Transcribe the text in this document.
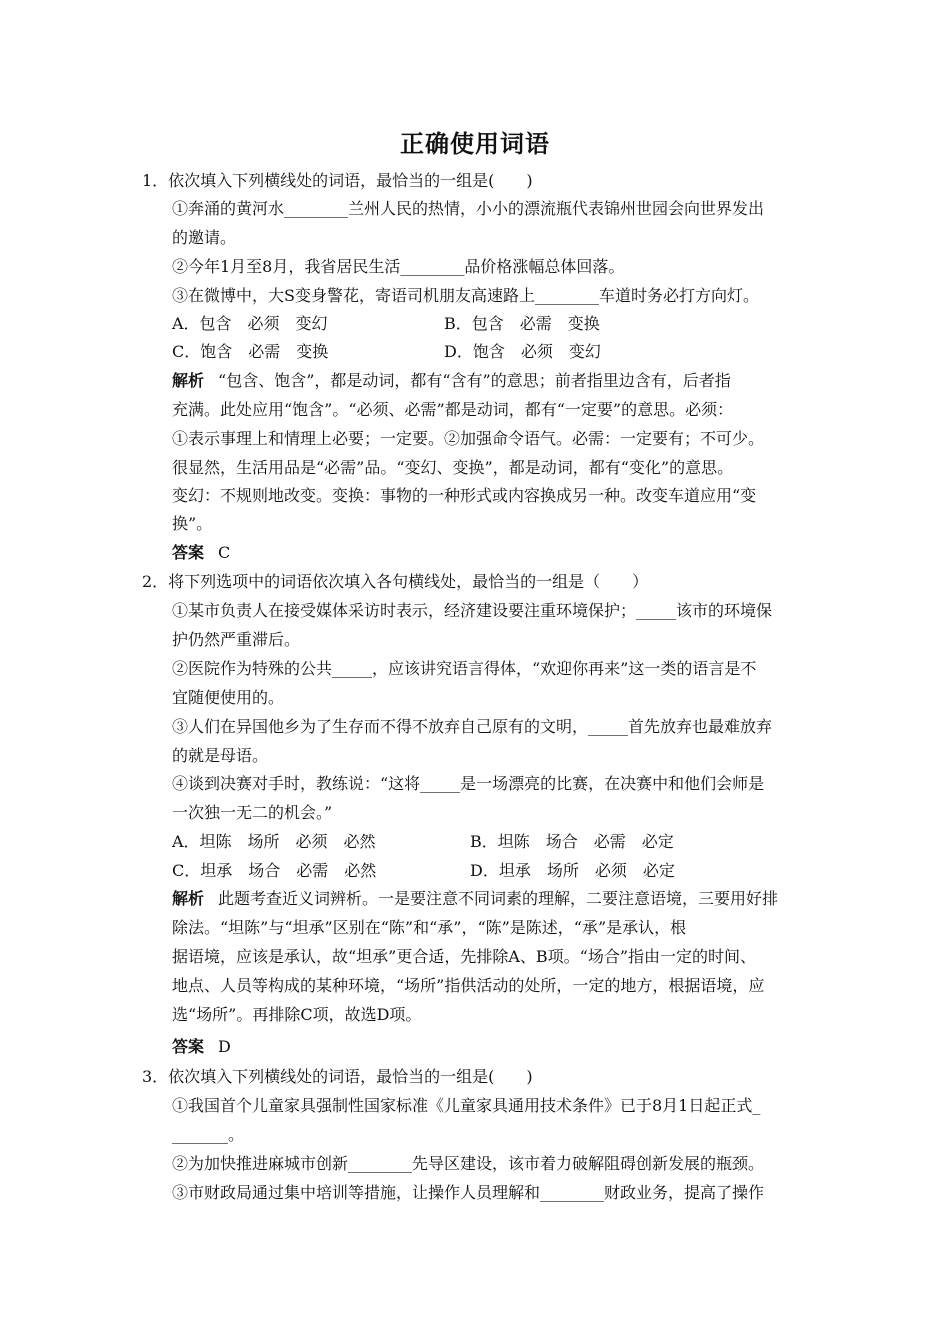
正确使用词语
1．依次填入下列横线处的词语，最恰当的一组是(　　)
①奔涌的黄河水________兰州人民的热情，小小的漂流瓶代表锦州世园会向世界发出
的邀请。
②今年1月至8月，我省居民生活________品价格涨幅总体回落。
③在微博中，大S变身警花，寄语司机朋友高速路上________车道时务必打方向灯。
A．包含　必须　变幻	B．包含　必需　变换
C．饱含　必需　变换	D．饱含　必须　变幻
解析 “包含、饱含”，都是动词，都有“含有”的意思；前者指里边含有，后者指
充满。此处应用“饱含”。“必须、必需”都是动词，都有“一定要”的意思。必须：
①表示事理上和情理上必要；一定要。②加强命令语气。必需：一定要有；不可少。
很显然，生活用品是“必需”品。“变幻、变换”，都是动词，都有“变化”的意思。
变幻：不规则地改变。变换：事物的一种形式或内容换成另一种。改变车道应用“变
换”。
答案 C
2．将下列选项中的词语依次填入各句横线处，最恰当的一组是（　　）
①某市负责人在接受媒体采访时表示，经济建设要注重环境保护；_____该市的环境保
护仍然严重滞后。
②医院作为特殊的公共_____，应该讲究语言得体，“欢迎你再来”这一类的语言是不
宜随便使用的。
③人们在异国他乡为了生存而不得不放弃自己原有的文明，_____首先放弃也最难放弃
的就是母语。
④谈到决赛对手时，教练说：“这将_____是一场漂亮的比赛，在决赛中和他们会师是
一次独一无二的机会。”
A．坦陈　场所　必须　必然	B．坦陈　场合　必需　必定
C．坦承　场合　必需　必然	D．坦承　场所　必须　必定
解析 此题考查近义词辨析。一是要注意不同词素的理解，二要注意语境，三要用好排
除法。“坦陈”与“坦承”区别在“陈”和“承”，“陈”是陈述，“承”是承认，根
据语境，应该是承认，故“坦承”更合适，先排除A、B项。“场合”指由一定的时间、
地点、人员等构成的某种环境，“场所”指供活动的处所，一定的地方，根据语境，应
选“场所”。再排除C项，故选D项。
答案 D
3．依次填入下列横线处的词语，最恰当的一组是(　　)
①我国首个儿童家具强制性国家标准《儿童家具通用技术条件》已于8月1日起正式_
_______。
②为加快推进麻城市创新________先导区建设，该市着力破解阻碍创新发展的瓶颈。
③市财政局通过集中培训等措施，让操作人员理解和________财政业务，提高了操作
